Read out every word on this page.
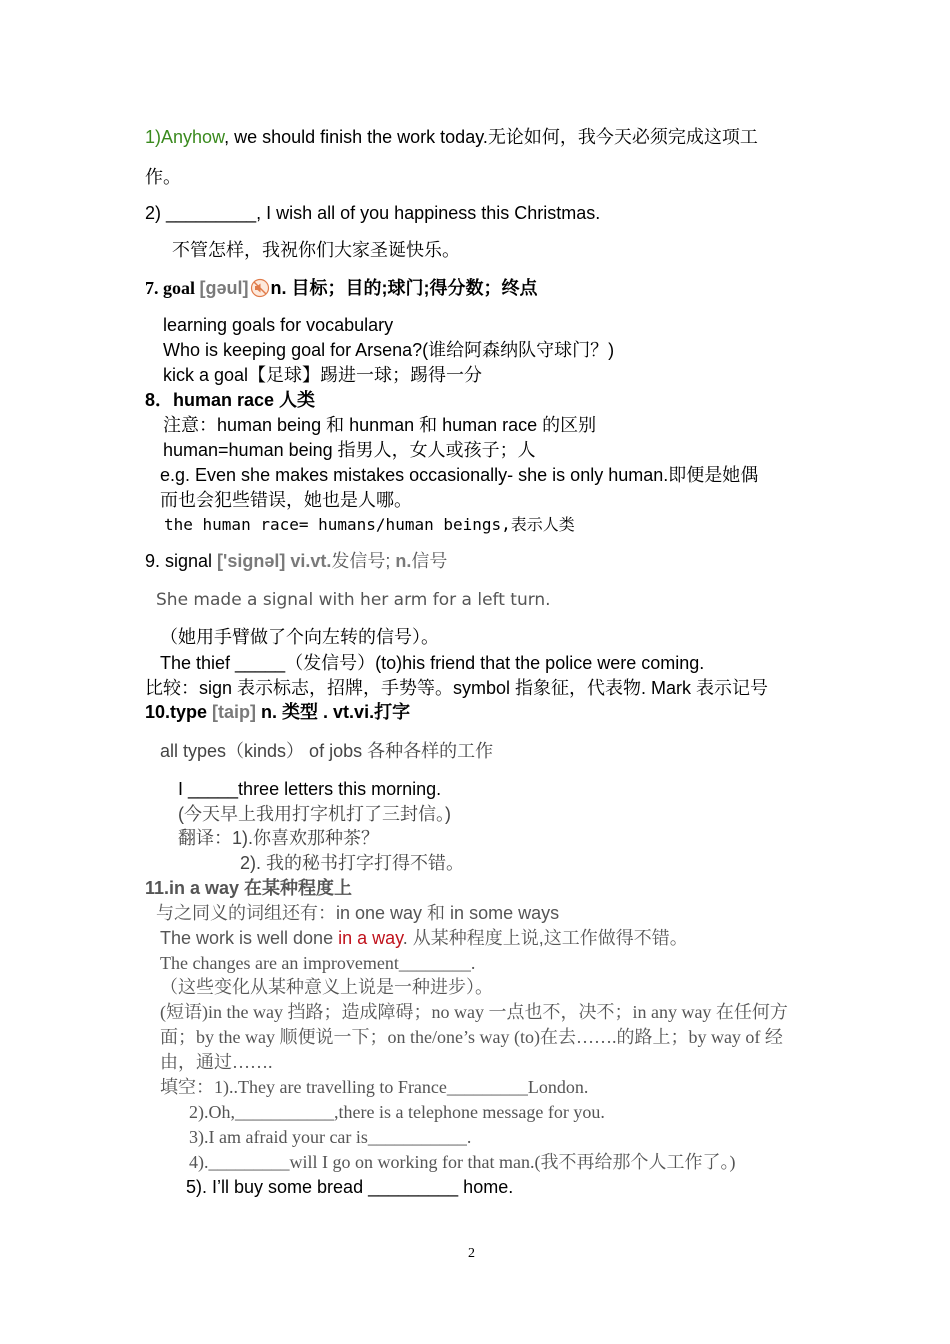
1)Anyhow, we should finish the work today.无论如何，我今天必须完成这项工
作。
2) _________, I wish all of you happiness this Christmas.
不管怎样，我祝你们大家圣诞快乐。
7. goal [gəul] n. 目标；目的;球门;得分数；终点
learning goals for vocabulary
Who is keeping goal for Arsena?(谁给阿森纳队守球门？)
kick a goal【足球】踢进一球；踢得一分
8．human race 人类
注意：human being 和 hunman 和 human race 的区别
human=human being 指男人，女人或孩子；人
e.g. Even she makes mistakes occasionally- she is only human.即便是她偶
而也会犯些错误，她也是人哪。
the human race= humans/human beings,表示人类
9. signal ['signəl] vi.vt.发信号; n.信号
She made a signal with her arm for a left turn.
（她用手臂做了个向左转的信号）。
The thief _____（发信号）(to)his friend that the police were coming.
比较：sign 表示标志，招牌，手势等。symbol 指象征，代表物. Mark 表示记号
10.type [taip] n. 类型 . vt.vi.打字
all types（kinds） of jobs 各种各样的工作
I _____three letters this morning.
(今天早上我用打字机打了三封信。)
翻译：1).你喜欢那种茶？
2). 我的秘书打字打得不错。
11.in a way 在某种程度上
与之同义的词组还有：in one way 和 in some ways
The work is well done in a way. 从某种程度上说,这工作做得不错。
The changes are an improvement________.
（这些变化从某种意义上说是一种进步）。
(短语)in the way 挡路；造成障碍；no way 一点也不，决不；in any way 在任何方
面；by the way 顺便说一下；on the/one’s way (to)在去…….的路上；by way of 经
由，通过…….
填空：1)..They are travelling to France_________London.
2).Oh,___________,there is a telephone message for you.
3).I am afraid your car is___________.
4)._________will I go on working for that man.(我不再给那个人工作了。)
5). I’ll buy some bread _________ home.
2
